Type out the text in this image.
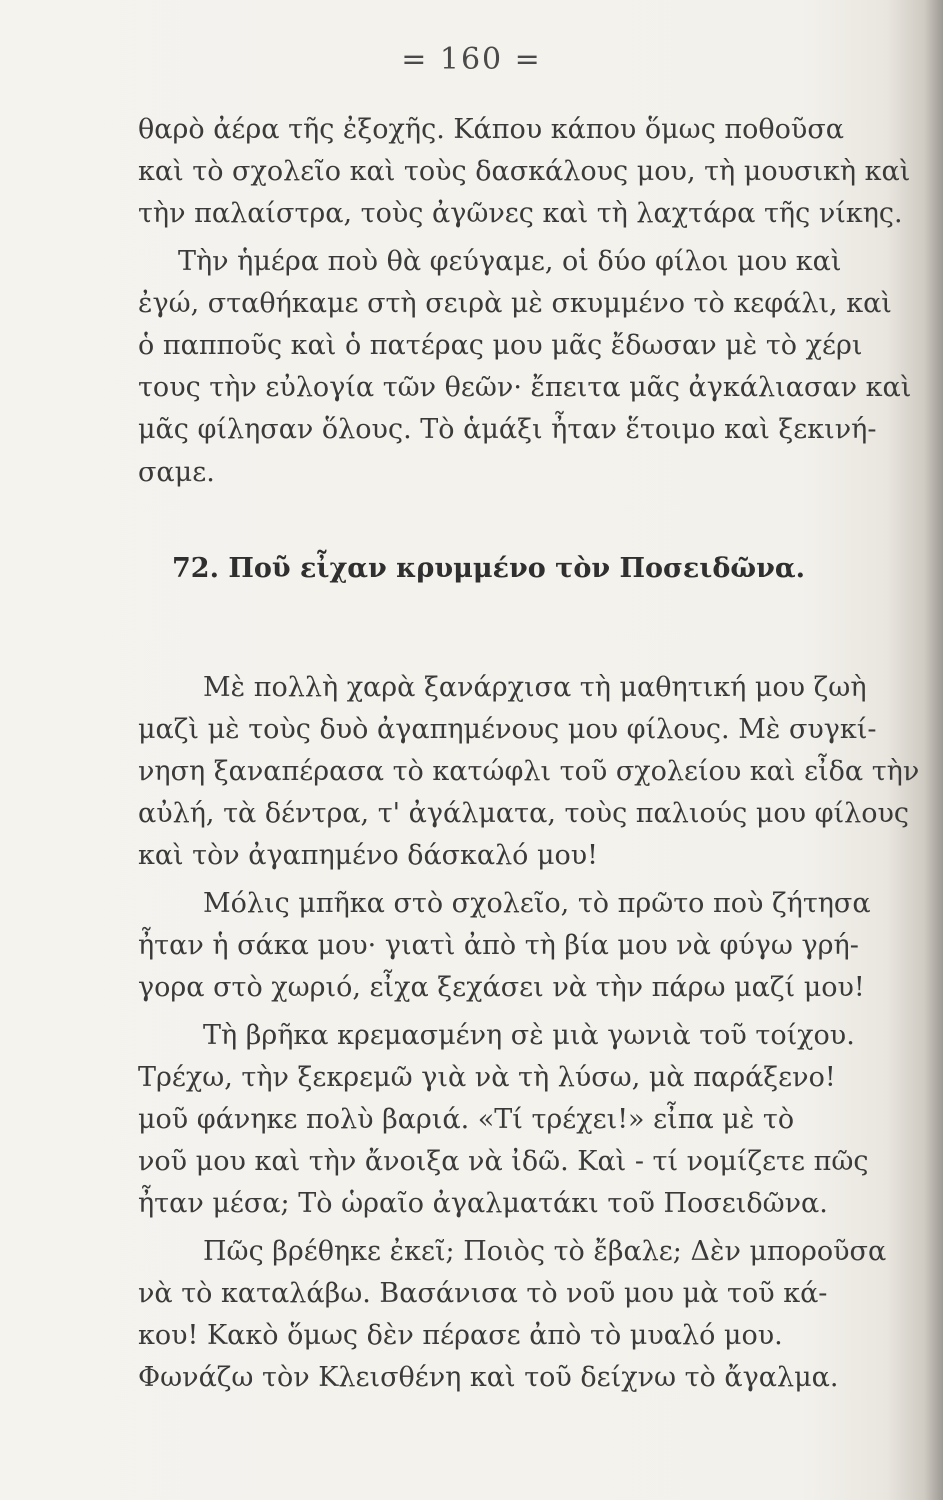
= 160 =
θαρὸ ἀέρα τῆς ἐξοχῆς. Κάπου κάπου ὅμως ποθοῦσα
καὶ τὸ σχολεῖο καὶ τοὺς δασκάλους μου, τὴ μουσικὴ καὶ
τὴν παλαίστρα, τοὺς ἀγῶνες καὶ τὴ λαχτάρα τῆς νίκης.
Τὴν ἡμέρα ποὺ θὰ φεύγαμε, οἱ δύο φίλοι μου καὶ
ἐγώ, σταθήκαμε στὴ σειρὰ μὲ σκυμμένο τὸ κεφάλι, καὶ
ὁ παπποῦς καὶ ὁ πατέρας μου μᾶς ἔδωσαν μὲ τὸ χέρι
τους τὴν εὐλογία τῶν θεῶν· ἔπειτα μᾶς ἀγκάλιασαν καὶ
μᾶς φίλησαν ὅλους. Τὸ ἁμάξι ἦταν ἕτοιμο καὶ ξεκινή-
σαμε.
72. Ποῦ εἶχαν κρυμμένο τὸν Ποσειδῶνα.
Μὲ πολλὴ χαρὰ ξανάρχισα τὴ μαθητική μου ζωὴ
μαζὶ μὲ τοὺς δυὸ ἀγαπημένους μου φίλους. Μὲ συγκί-
νηση ξαναπέρασα τὸ κατώφλι τοῦ σχολείου καὶ εἶδα τὴν
αὐλή, τὰ δέντρα, τ' ἀγάλματα, τοὺς παλιούς μου φίλους
καὶ τὸν ἀγαπημένο δάσκαλό μου!
Μόλις μπῆκα στὸ σχολεῖο, τὸ πρῶτο ποὺ ζήτησα
ἦταν ἡ σάκα μου· γιατὶ ἀπὸ τὴ βία μου νὰ φύγω γρή-
γορα στὸ χωριό, εἶχα ξεχάσει νὰ τὴν πάρω μαζί μου!
Τὴ βρῆκα κρεμασμένη σὲ μιὰ γωνιὰ τοῦ τοίχου.
Τρέχω, τὴν ξεκρεμῶ γιὰ νὰ τὴ λύσω, μὰ παράξενο!
μοῦ φάνηκε πολὺ βαριά. «Τί τρέχει!» εἶπα μὲ τὸ
νοῦ μου καὶ τὴν ἄνοιξα νὰ ἰδῶ. Καὶ - τί νομίζετε πῶς
ἦταν μέσα; Τὸ ὡραῖο ἀγαλματάκι τοῦ Ποσειδῶνα.
Πῶς βρέθηκε ἐκεῖ; Ποιὸς τὸ ἔβαλε; Δὲν μποροῦσα
νὰ τὸ καταλάβω. Βασάνισα τὸ νοῦ μου μὰ τοῦ κά-
κου! Κακὸ ὅμως δὲν πέρασε ἀπὸ τὸ μυαλό μου.
Φωνάζω τὸν Κλεισθένη καὶ τοῦ δείχνω τὸ ἄγαλμα.
